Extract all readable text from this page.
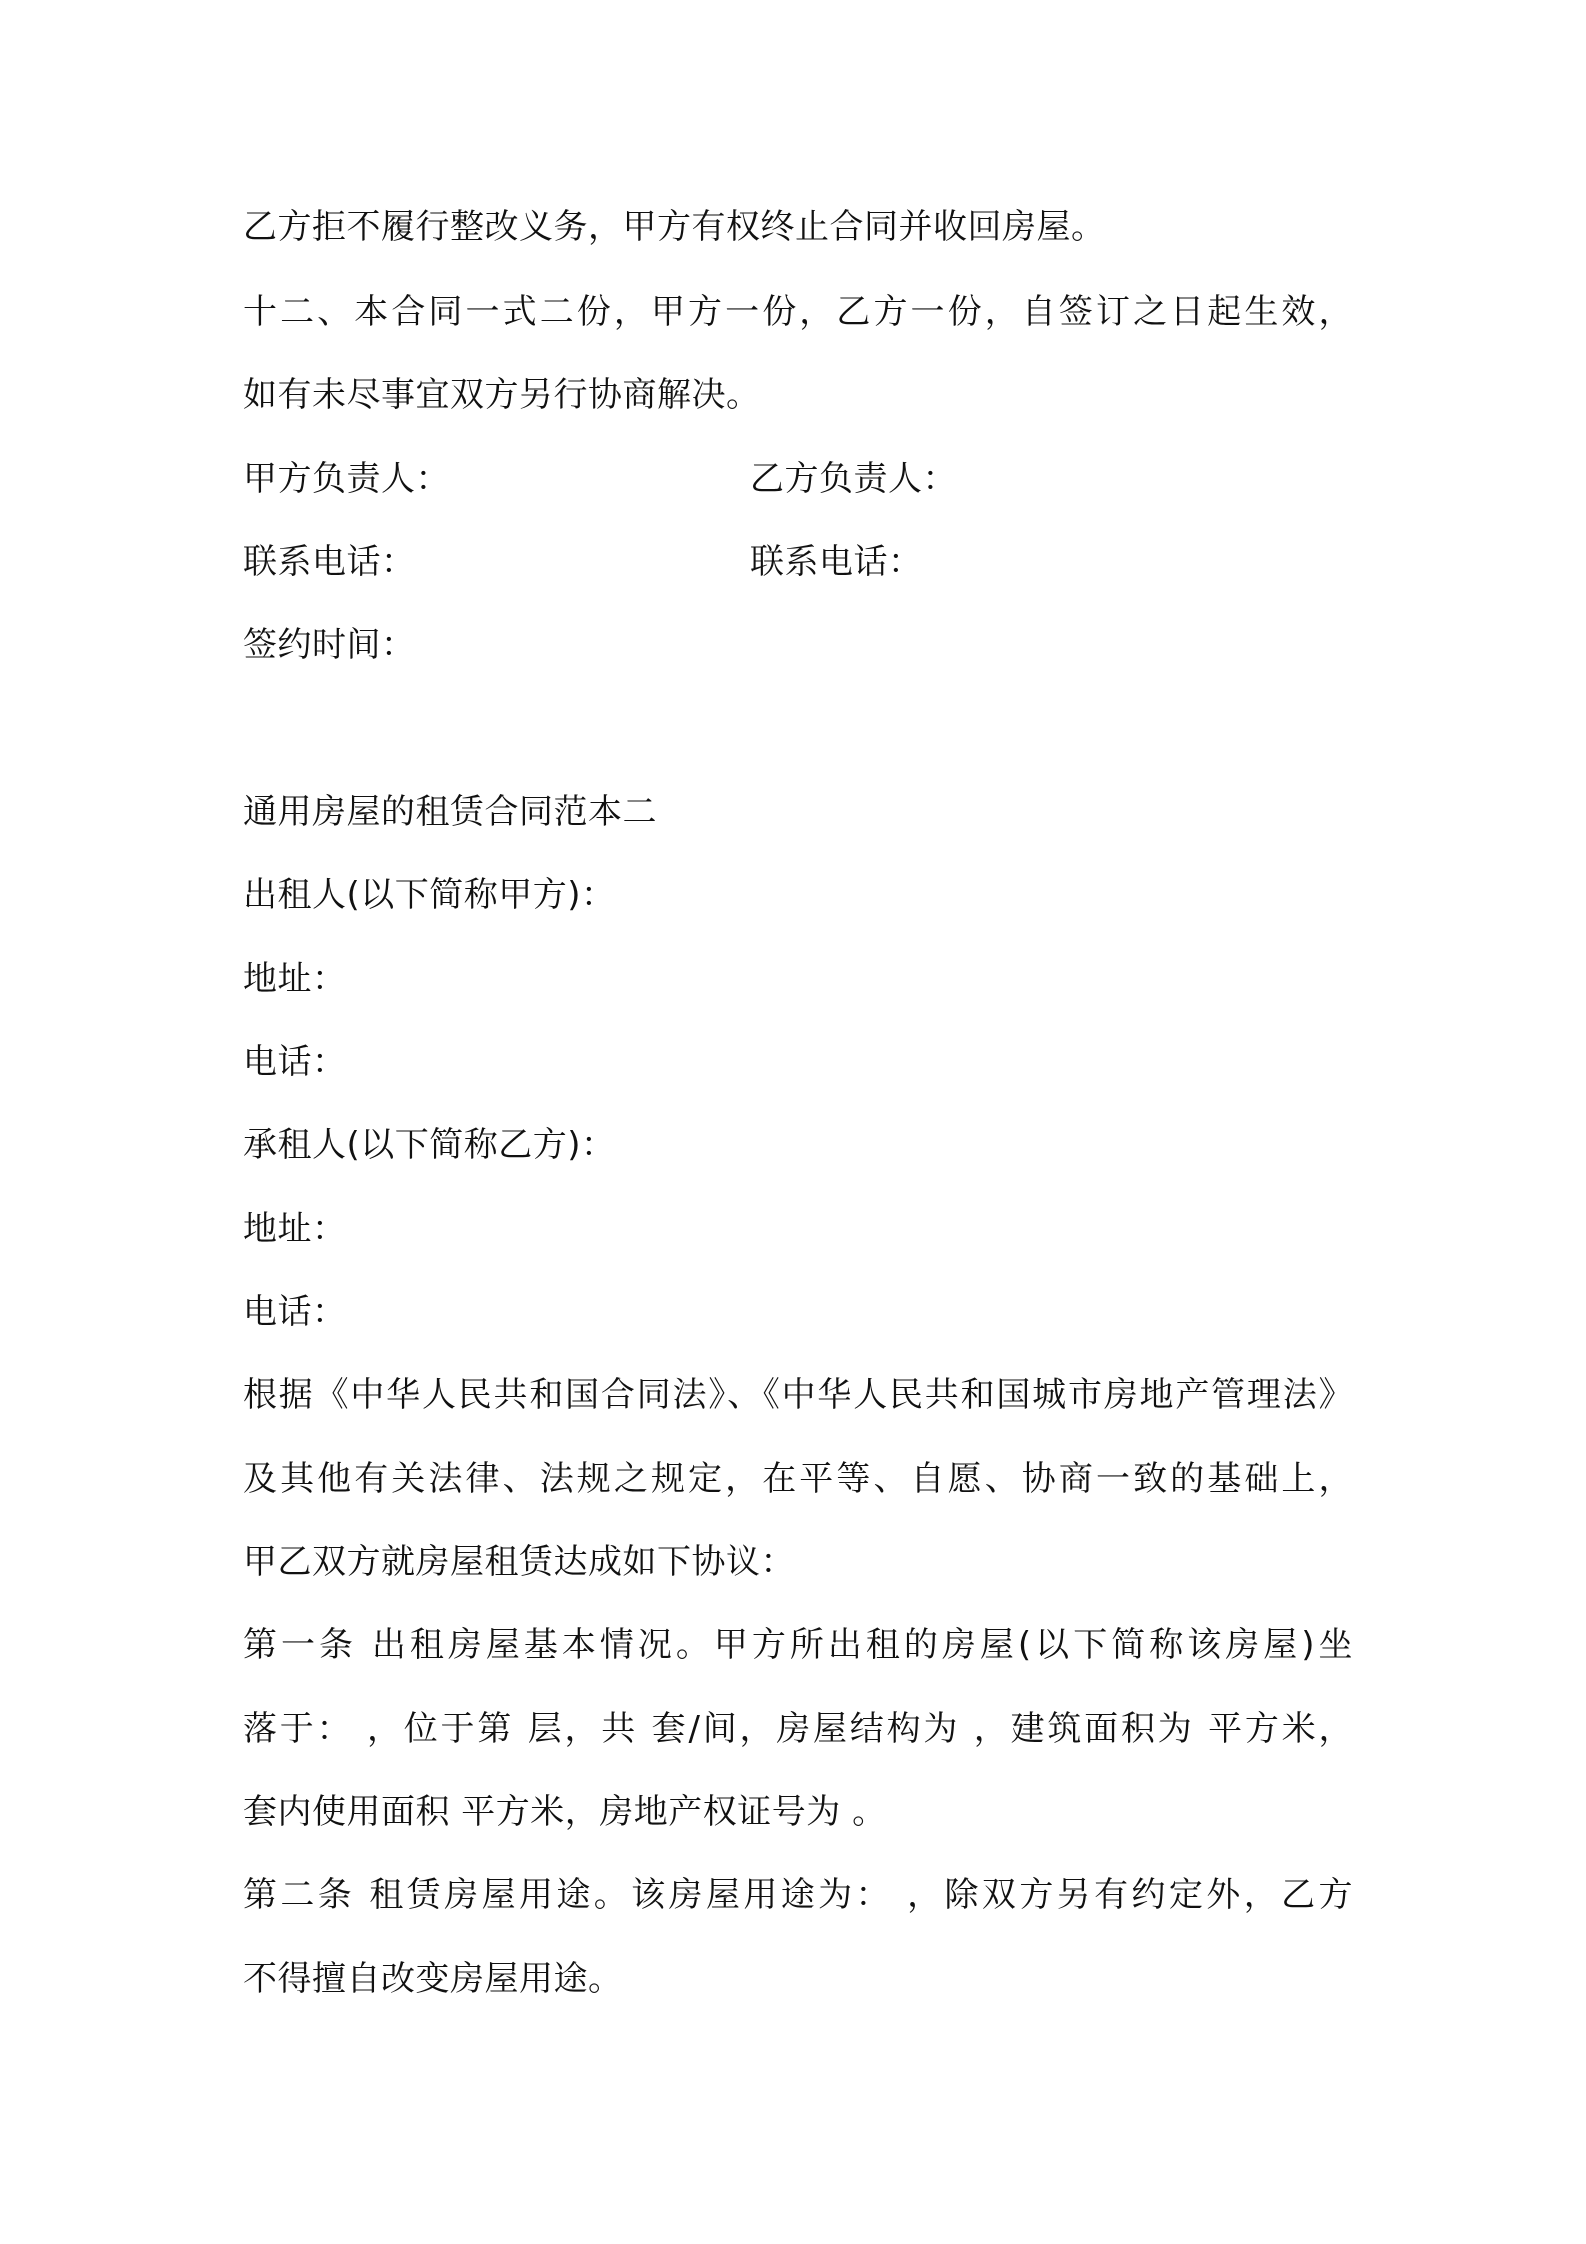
乙方拒不履行整改义务，甲方有权终止合同并收回房屋。
十二、本合同一式二份，甲方一份，乙方一份，自签订之日起生效，
如有未尽事宜双方另行协商解决。
甲方负责人：	乙方负责人：
联系电话：	联系电话：
签约时间：
通用房屋的租赁合同范本二
出租人(以下简称甲方)：
地址：
电话：
承租人(以下简称乙方)：
地址：
电话：
根据《中华人民共和国合同法》、《中华人民共和国城市房地产管理法》
及其他有关法律、法规之规定，在平等、自愿、协商一致的基础上，
甲乙双方就房屋租赁达成如下协议：
第一条 出租房屋基本情况。甲方所出租的房屋(以下简称该房屋)坐
落于： ，位于第 层，共 套/间，房屋结构为 ，建筑面积为 平方米，
套内使用面积 平方米，房地产权证号为 。
第二条 租赁房屋用途。该房屋用途为： ，除双方另有约定外，乙方
不得擅自改变房屋用途。
